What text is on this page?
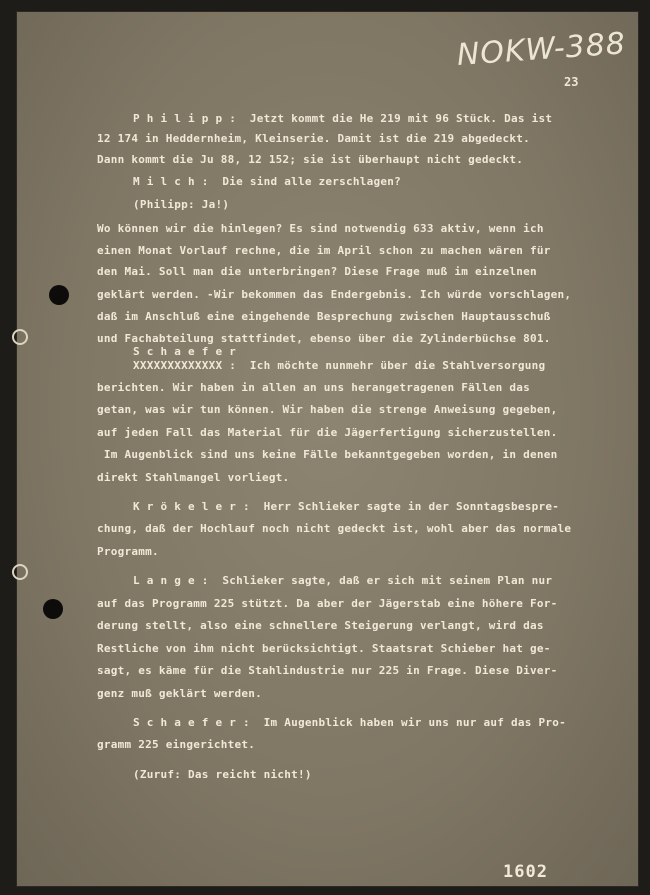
NOKW-388
23
P h i l i p p :  Jetzt kommt die He 219 mit 96 Stück. Das ist
12 174 in Heddernheim, Kleinserie. Damit ist die 219 abgedeckt.
Dann kommt die Ju 88, 12 152; sie ist überhaupt nicht gedeckt.
M i l c h :  Die sind alle zerschlagen?
(Philipp: Ja!)
Wo können wir die hinlegen? Es sind notwendig 633 aktiv, wenn ich
einen Monat Vorlauf rechne, die im April schon zu machen wären für
den Mai. Soll man die unterbringen? Diese Frage muß im einzelnen
geklärt werden. -Wir bekommen das Endergebnis. Ich würde vorschlagen,
daß im Anschluß eine eingehende Besprechung zwischen Hauptausschuß
und Fachabteilung stattfindet, ebenso über die Zylinderbüchse 801.
S c h a e f e r
XXXXXXXXXXXXX :  Ich möchte nunmehr über die Stahlversorgung
berichten. Wir haben in allen an uns herangetragenen Fällen das
getan, was wir tun können. Wir haben die strenge Anweisung gegeben,
auf jeden Fall das Material für die Jägerfertigung sicherzustellen.
Im Augenblick sind uns keine Fälle bekanntgegeben worden, in denen
direkt Stahlmangel vorliegt.
K r ö k e l e r :  Herr Schlieker sagte in der Sonntagsbespre-
chung, daß der Hochlauf noch nicht gedeckt ist, wohl aber das normale
Programm.
L a n g e :  Schlieker sagte, daß er sich mit seinem Plan nur
auf das Programm 225 stützt. Da aber der Jägerstab eine höhere For-
derung stellt, also eine schnellere Steigerung verlangt, wird das
Restliche von ihm nicht berücksichtigt. Staatsrat Schieber hat ge-
sagt, es käme für die Stahlindustrie nur 225 in Frage. Diese Diver-
genz muß geklärt werden.
S c h a e f e r :  Im Augenblick haben wir uns nur auf das Pro-
gramm 225 eingerichtet.
(Zuruf: Das reicht nicht!)
1602
